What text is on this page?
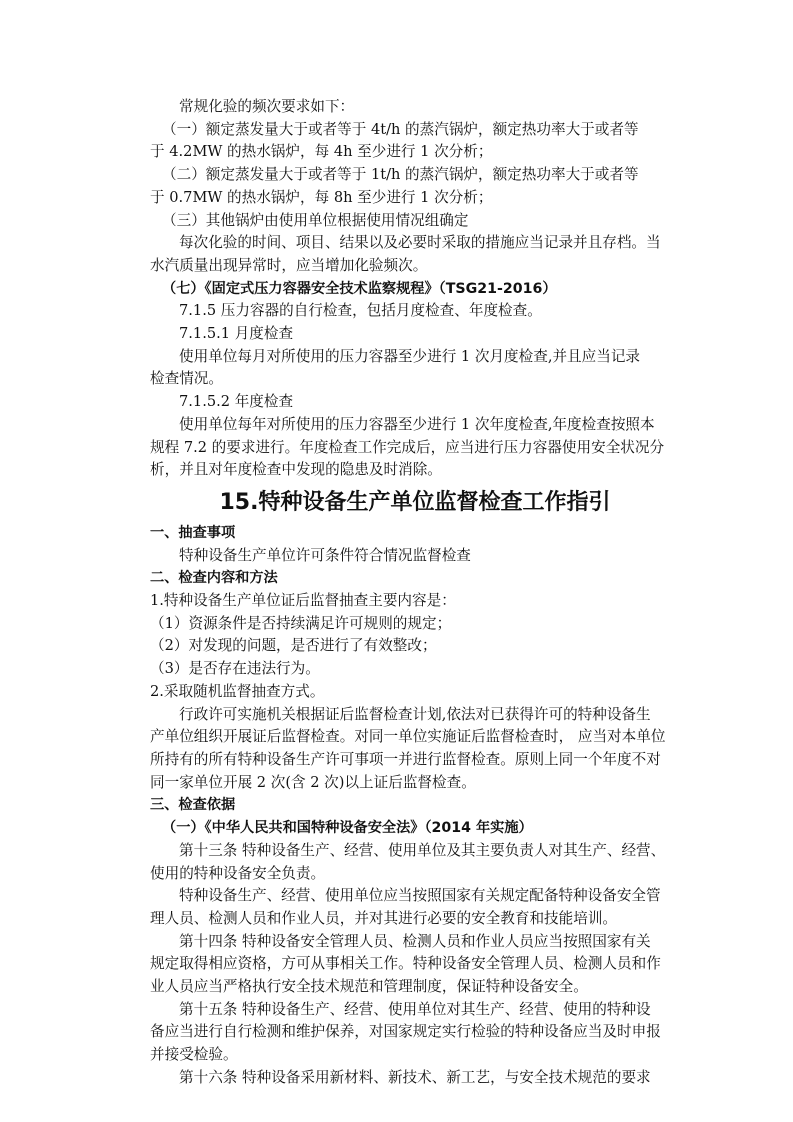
常规化验的频次要求如下：
（一）额定蒸发量大于或者等于 4t/h 的蒸汽锅炉，额定热功率大于或者等
于 4.2MW 的热水锅炉，每 4h 至少进行 1 次分析；
（二）额定蒸发量大于或者等于 1t/h 的蒸汽锅炉，额定热功率大于或者等
于 0.7MW 的热水锅炉，每 8h 至少进行 1 次分析；
（三）其他锅炉由使用单位根据使用情况组确定
每次化验的时间、项目、结果以及必要时采取的措施应当记录并且存档。当
水汽质量出现异常时，应当增加化验频次。
（七）《固定式压力容器安全技术监察规程》（TSG21-2016）
7.1.5 压力容器的自行检查，包括月度检查、年度检查。
7.1.5.1 月度检查
使用单位每月对所使用的压力容器至少进行 1 次月度检查,并且应当记录
检查情况。
7.1.5.2 年度检查
使用单位每年对所使用的压力容器至少进行 1 次年度检查,年度检查按照本
规程 7.2 的要求进行。年度检查工作完成后，应当进行压力容器使用安全状况分
析，并且对年度检查中发现的隐患及时消除。
15.特种设备生产单位监督检查工作指引
一、抽查事项
特种设备生产单位许可条件符合情况监督检查
二、检查内容和方法
1.特种设备生产单位证后监督抽查主要内容是：
（1）资源条件是否持续满足许可规则的规定；
（2）对发现的问题，是否进行了有效整改；
（3）是否存在违法行为。
2.采取随机监督抽查方式。
行政许可实施机关根据证后监督检查计划,依法对已获得许可的特种设备生
产单位组织开展证后监督检查。对同一单位实施证后监督检查时， 应当对本单位
所持有的所有特种设备生产许可事项一并进行监督检查。原则上同一个年度不对
同一家单位开展 2 次(含 2 次)以上证后监督检查。
三、检查依据
（一）《中华人民共和国特种设备安全法》（2014 年实施）
第十三条 特种设备生产、经营、使用单位及其主要负责人对其生产、经营、
使用的特种设备安全负责。
特种设备生产、经营、使用单位应当按照国家有关规定配备特种设备安全管
理人员、检测人员和作业人员，并对其进行必要的安全教育和技能培训。
第十四条 特种设备安全管理人员、检测人员和作业人员应当按照国家有关
规定取得相应资格，方可从事相关工作。特种设备安全管理人员、检测人员和作
业人员应当严格执行安全技术规范和管理制度，保证特种设备安全。
第十五条 特种设备生产、经营、使用单位对其生产、经营、使用的特种设
备应当进行自行检测和维护保养，对国家规定实行检验的特种设备应当及时申报
并接受检验。
第十六条 特种设备采用新材料、新技术、新工艺，与安全技术规范的要求
